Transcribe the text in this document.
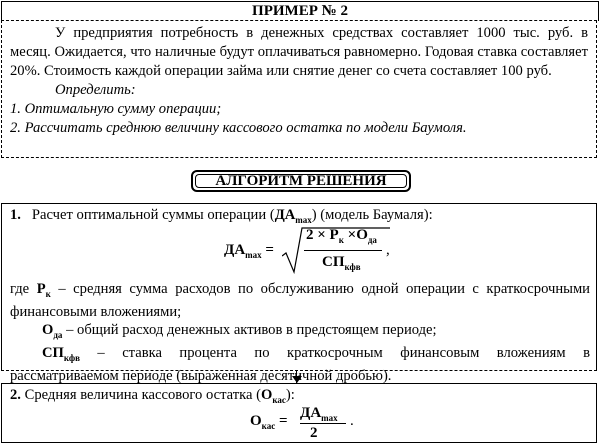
ПРИМЕР № 2

У предприятия потребность в денежных средствах составляет 1000 тыс. руб. в месяц. Ожидается, что наличные будут оплачиваться равномерно. Годовая ставка составляет 20%. Стоимость каждой операции займа или снятие денег со счета составляет 100 руб.

Определить:

1. Оптимальную сумму операции;

2. Рассчитать среднюю величину кассового остатка по модели Баумоля.

АЛГОРИТМ РЕШЕНИЯ
1. Расчет оптимальной суммы операции $(ДА_{max})$ (модель Баумаля):
$ДА_{max}$ =
$2 \times Р_к \times О_{да}$
$СП_{кфв}$
,

где $Р_к$ – средняя сумма расходов по обслуживанию одной операции с краткосрочными финансовыми вложениями;

$О_{да}$ – общий расход денежных активов в предстоящем периоде;

$СП_{кфв}$ – ставка процента по краткосрочным финансовым вложениям в рассматриваемом периоде (выраженная десятичной дробью).

2. Средняя величина кассового остатка $(О_{кас})$:
$О_{кас} = ДА_{max}$
2
.
